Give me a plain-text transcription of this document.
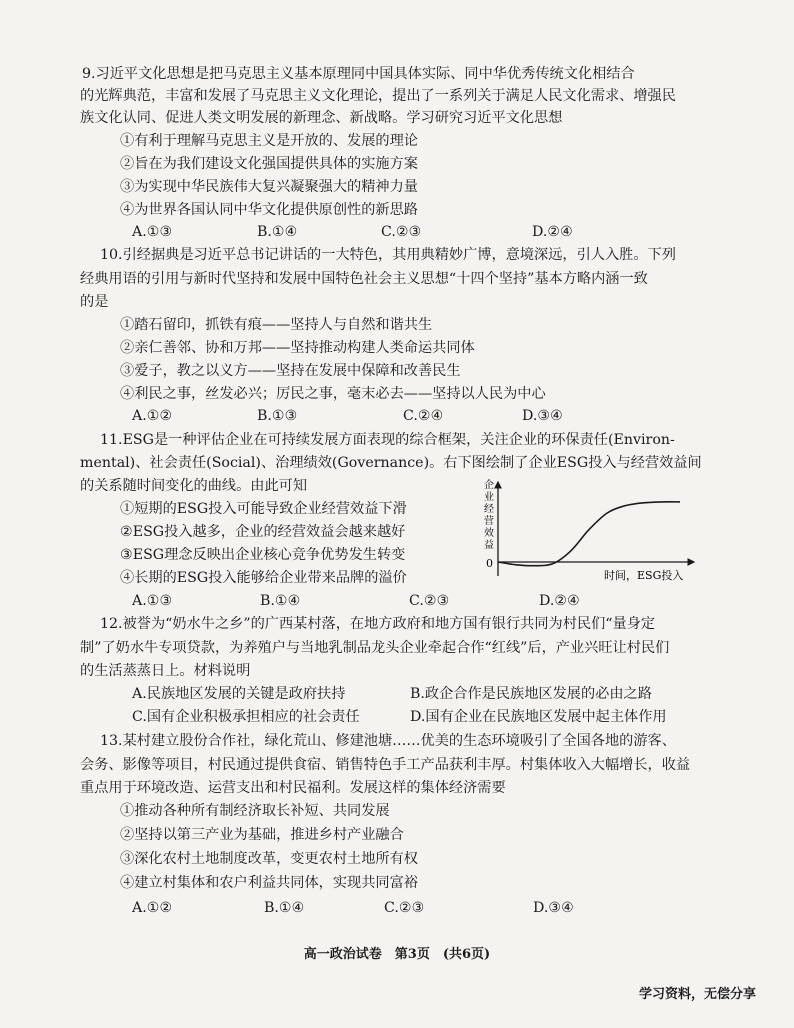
9.习近平文化思想是把马克思主义基本原理同中国具体实际、同中华优秀传统文化相结合
的光辉典范，丰富和发展了马克思主义文化理论，提出了一系列关于满足人民文化需求、增强民
族文化认同、促进人类文明发展的新理念、新战略。学习研究习近平文化思想
①有利于理解马克思主义是开放的、发展的理论
②旨在为我们建设文化强国提供具体的实施方案
③为实现中华民族伟大复兴凝聚强大的精神力量
④为世界各国认同中华文化提供原创性的新思路
A.①③	B.①④	C.②③	D.②④
10.引经据典是习近平总书记讲话的一大特色，其用典精妙广博，意境深远，引人入胜。下列
经典用语的引用与新时代坚持和发展中国特色社会主义思想“十四个坚持”基本方略内涵一致
的是
①踏石留印，抓铁有痕——坚持人与自然和谐共生
②亲仁善邻、协和万邦——坚持推动构建人类命运共同体
③爱子，教之以义方——坚持在发展中保障和改善民生
④利民之事，丝发必兴；厉民之事，毫末必去——坚持以人民为中心
A.①②	B.①③	C.②④	D.③④
11.ESG是一种评估企业在可持续发展方面表现的综合框架，关注企业的环保责任(Environ-
mental)、社会责任(Social)、治理绩效(Governance)。右下图绘制了企业ESG投入与经营效益间
的关系随时间变化的曲线。由此可知
①短期的ESG投入可能导致企业经营效益下滑
②ESG投入越多，企业的经营效益会越来越好
③ESG理念反映出企业核心竞争优势发生转变
④长期的ESG投入能够给企业带来品牌的溢价
A.①③	B.①④	C.②③	D.②④
企
业
经
营
效
益
0
时间，ESG投入
12.被誉为“奶水牛之乡”的广西某村落，在地方政府和地方国有银行共同为村民们“量身定
制”了奶水牛专项贷款，为养殖户与当地乳制品龙头企业牵起合作“红线”后，产业兴旺让村民们
的生活蒸蒸日上。材料说明
A.民族地区发展的关键是政府扶持	B.政企合作是民族地区发展的必由之路
C.国有企业积极承担相应的社会责任	D.国有企业在民族地区发展中起主体作用
13.某村建立股份合作社，绿化荒山、修建池塘……优美的生态环境吸引了全国各地的游客、
会务、影像等项目，村民通过提供食宿、销售特色手工产品获利丰厚。村集体收入大幅增长，收益
重点用于环境改造、运营支出和村民福利。发展这样的集体经济需要
①推动各种所有制经济取长补短、共同发展
②坚持以第三产业为基础，推进乡村产业融合
③深化农村土地制度改革，变更农村土地所有权
④建立村集体和农户利益共同体，实现共同富裕
A.①②	B.①④	C.②③	D.③④
高一政治试卷　第3页　(共6页)
学习资料，无偿分享
